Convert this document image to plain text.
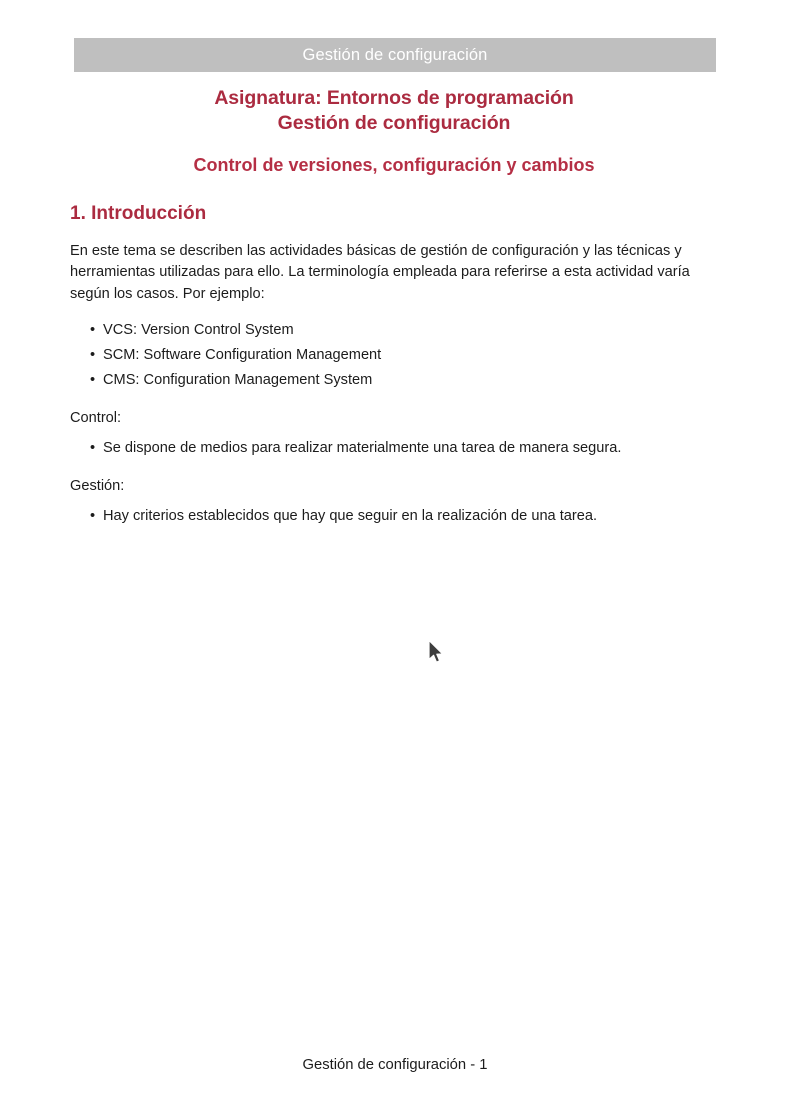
Gestión de configuración
Asignatura: Entornos de programación
Gestión de configuración
Control de versiones, configuración y cambios
1. Introducción

En este tema se describen las actividades básicas de gestión de configuración y las técnicas y herramientas utilizadas para ello. La terminología empleada para referirse a esta actividad varía según los casos. Por ejemplo:

• VCS: Version Control System
• SCM: Software Configuration Management
• CMS: Configuration Management System
Control:
• Se dispone de medios para realizar materialmente una tarea de manera segura.
Gestión:
• Hay criterios establecidos que hay que seguir en la realización de una tarea.
Gestión de configuración - 1
